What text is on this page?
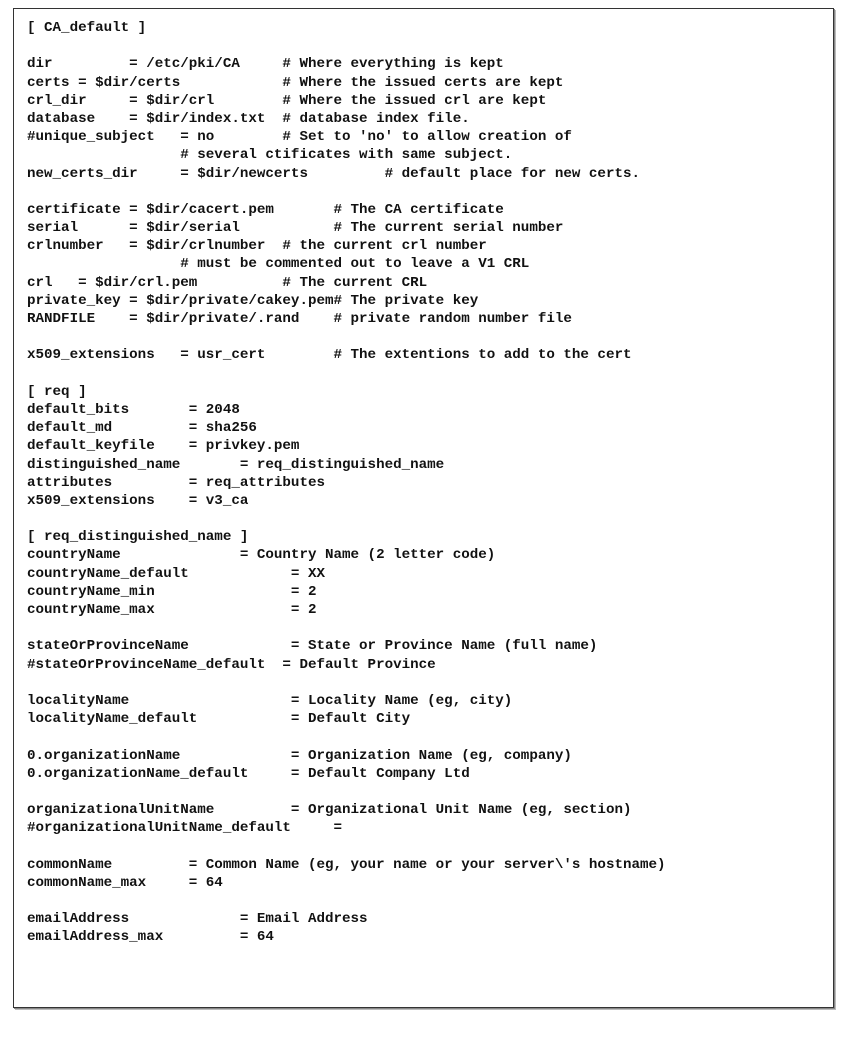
[ CA_default ]

dir         = /etc/pki/CA     # Where everything is kept
certs = $dir/certs            # Where the issued certs are kept
crl_dir     = $dir/crl        # Where the issued crl are kept
database    = $dir/index.txt  # database index file.
#unique_subject   = no        # Set to 'no' to allow creation of
# several ctificates with same subject.
new_certs_dir     = $dir/newcerts         # default place for new certs.

certificate = $dir/cacert.pem       # The CA certificate
serial      = $dir/serial           # The current serial number
crlnumber   = $dir/crlnumber  # the current crl number
# must be commented out to leave a V1 CRL
crl   = $dir/crl.pem          # The current CRL
private_key = $dir/private/cakey.pem# The private key
RANDFILE    = $dir/private/.rand    # private random number file

x509_extensions   = usr_cert        # The extentions to add to the cert

[ req ]
default_bits       = 2048
default_md         = sha256
default_keyfile    = privkey.pem
distinguished_name       = req_distinguished_name
attributes         = req_attributes
x509_extensions    = v3_ca

[ req_distinguished_name ]
countryName              = Country Name (2 letter code)
countryName_default            = XX
countryName_min                = 2
countryName_max                = 2

stateOrProvinceName            = State or Province Name (full name)
#stateOrProvinceName_default  = Default Province

localityName                   = Locality Name (eg, city)
localityName_default           = Default City

0.organizationName             = Organization Name (eg, company)
0.organizationName_default     = Default Company Ltd

organizationalUnitName         = Organizational Unit Name (eg, section)
#organizationalUnitName_default     =

commonName         = Common Name (eg, your name or your server\'s hostname)
commonName_max     = 64

emailAddress             = Email Address
emailAddress_max         = 64
